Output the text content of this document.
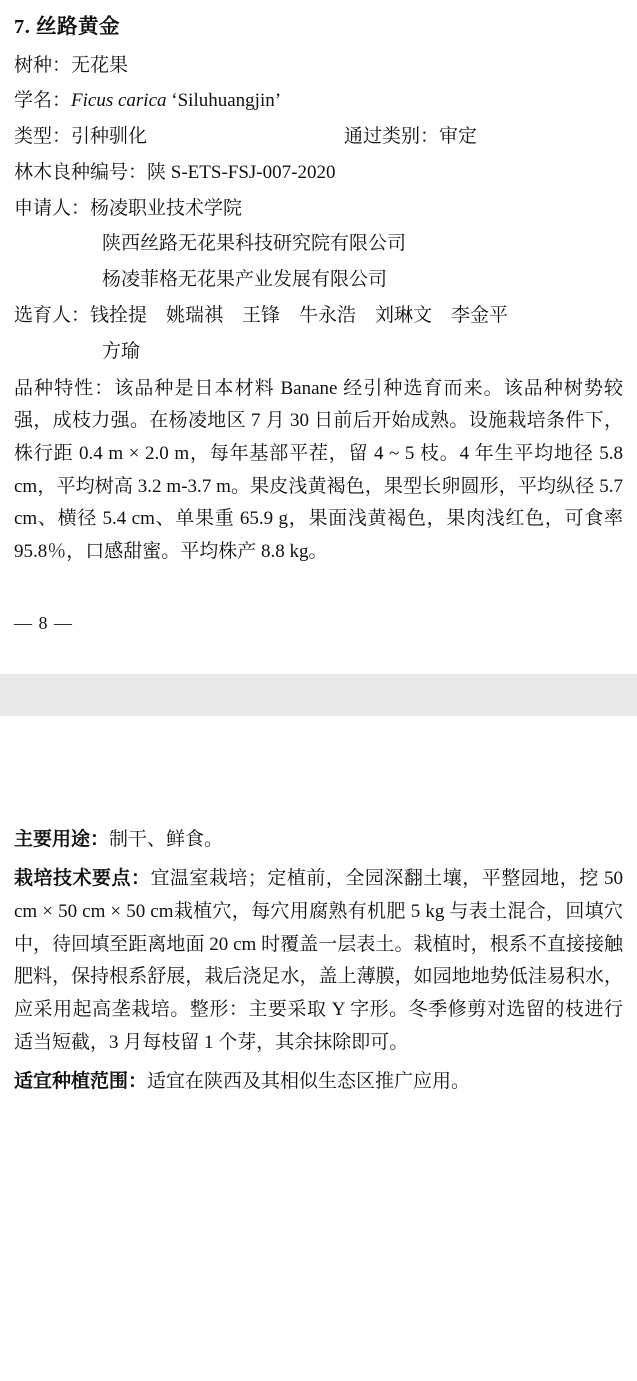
7. 丝路黄金

树种：无花果

学名：Ficus carica ‘Siluhuangjin’

类型：引种驯化	通过类别：审定

林木良种编号：陕 S-ETS-FSJ-007-2020

申请人：杨凌职业技术学院

陕西丝路无花果科技研究院有限公司

杨凌菲格无花果产业发展有限公司

选育人：钱拴提　姚瑞祺　王锋　牛永浩　刘琳文　李金平

方瑜

品种特性：该品种是日本材料 Banane 经引种选育而来。该品种树势较强，成枝力强。在杨凌地区 7 月 30 日前后开始成熟。设施栽培条件下，株行距 0.4 m × 2.0 m，每年基部平茬，留 4 ~ 5 枝。4 年生平均地径 5.8 cm，平均树高 3.2 m-3.7 m。果皮浅黄褐色，果型长卵圆形，平均纵径 5.7 cm、横径 5.4 cm、单果重 65.9 g，果面浅黄褐色，果肉浅红色，可食率 95.8％，口感甜蜜。平均株产 8.8 kg。

— 8 —

主要用途：制干、鲜食。

栽培技术要点：宜温室栽培；定植前，全园深翻土壤，平整园地，挖 50 cm × 50 cm × 50 cm栽植穴，每穴用腐熟有机肥 5 kg 与表土混合，回填穴中，待回填至距离地面 20 cm 时覆盖一层表土。栽植时，根系不直接接触肥料，保持根系舒展，栽后浇足水，盖上薄膜，如园地地势低洼易积水，应采用起高垄栽培。整形：主要采取 Y 字形。冬季修剪对选留的枝进行适当短截，3 月每枝留 1 个芽，其余抹除即可。

适宜种植范围：适宜在陕西及其相似生态区推广应用。
